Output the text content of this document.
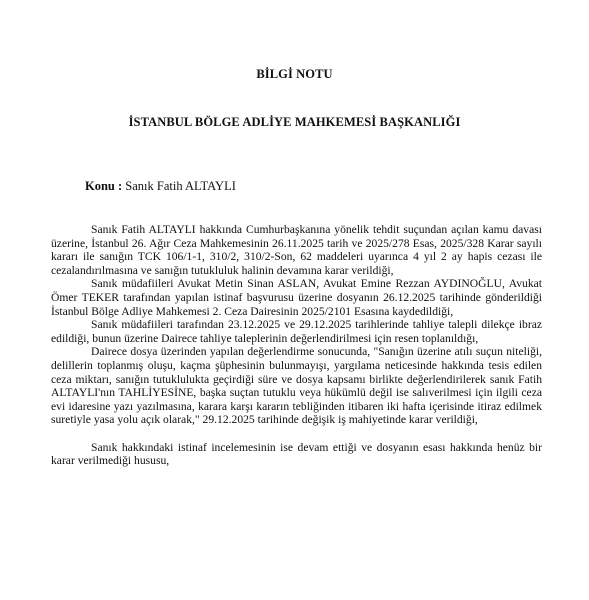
BİLGİ NOTU
İSTANBUL BÖLGE ADLİYE MAHKEMESİ BAŞKANLIĞI
Konu : Sanık Fatih ALTAYLI

Sanık Fatih ALTAYLI hakkında Cumhurbaşkanına yönelik tehdit suçundan açılan kamu davası üzerine, İstanbul 26. Ağır Ceza Mahkemesinin 26.11.2025 tarih ve 2025/278 Esas, 2025/328 Karar sayılı kararı ile sanığın TCK 106/1-1, 310/2, 310/2-Son, 62 maddeleri uyarınca 4 yıl 2 ay hapis cezası ile cezalandırılmasına ve sanığın tutukluluk halinin devamına karar verildiği,

Sanık müdafiileri Avukat Metin Sinan ASLAN, Avukat Emine Rezzan AYDINOĞLU, Avukat Ömer TEKER tarafından yapılan istinaf başvurusu üzerine dosyanın 26.12.2025 tarihinde gönderildiği İstanbul Bölge Adliye Mahkemesi 2. Ceza Dairesinin 2025/2101 Esasına kaydedildiği,

Sanık müdafiileri tarafından 23.12.2025 ve 29.12.2025 tarihlerinde tahliye talepli dilekçe ibraz edildiği, bunun üzerine Dairece tahliye taleplerinin değerlendirilmesi için resen toplanıldığı,

Dairece dosya üzerinden yapılan değerlendirme sonucunda, "Sanığın üzerine atılı suçun niteliği, delillerin toplanmış oluşu, kaçma şüphesinin bulunmayışı, yargılama neticesinde hakkında tesis edilen ceza miktarı, sanığın tutuklulukta geçirdiği süre ve dosya kapsamı birlikte değerlendirilerek sanık Fatih ALTAYLI'nın TAHLİYESİNE, başka suçtan tutuklu veya hükümlü değil ise salıverilmesi için ilgili ceza evi idaresine yazı yazılmasına, karara karşı kararın tebliğinden itibaren iki hafta içerisinde itiraz edilmek suretiyle yasa yolu açık olarak," 29.12.2025 tarihinde değişik iş mahiyetinde karar verildiği,

Sanık hakkındaki istinaf incelemesinin ise devam ettiği ve dosyanın esası hakkında henüz bir karar verilmediği hususu,
